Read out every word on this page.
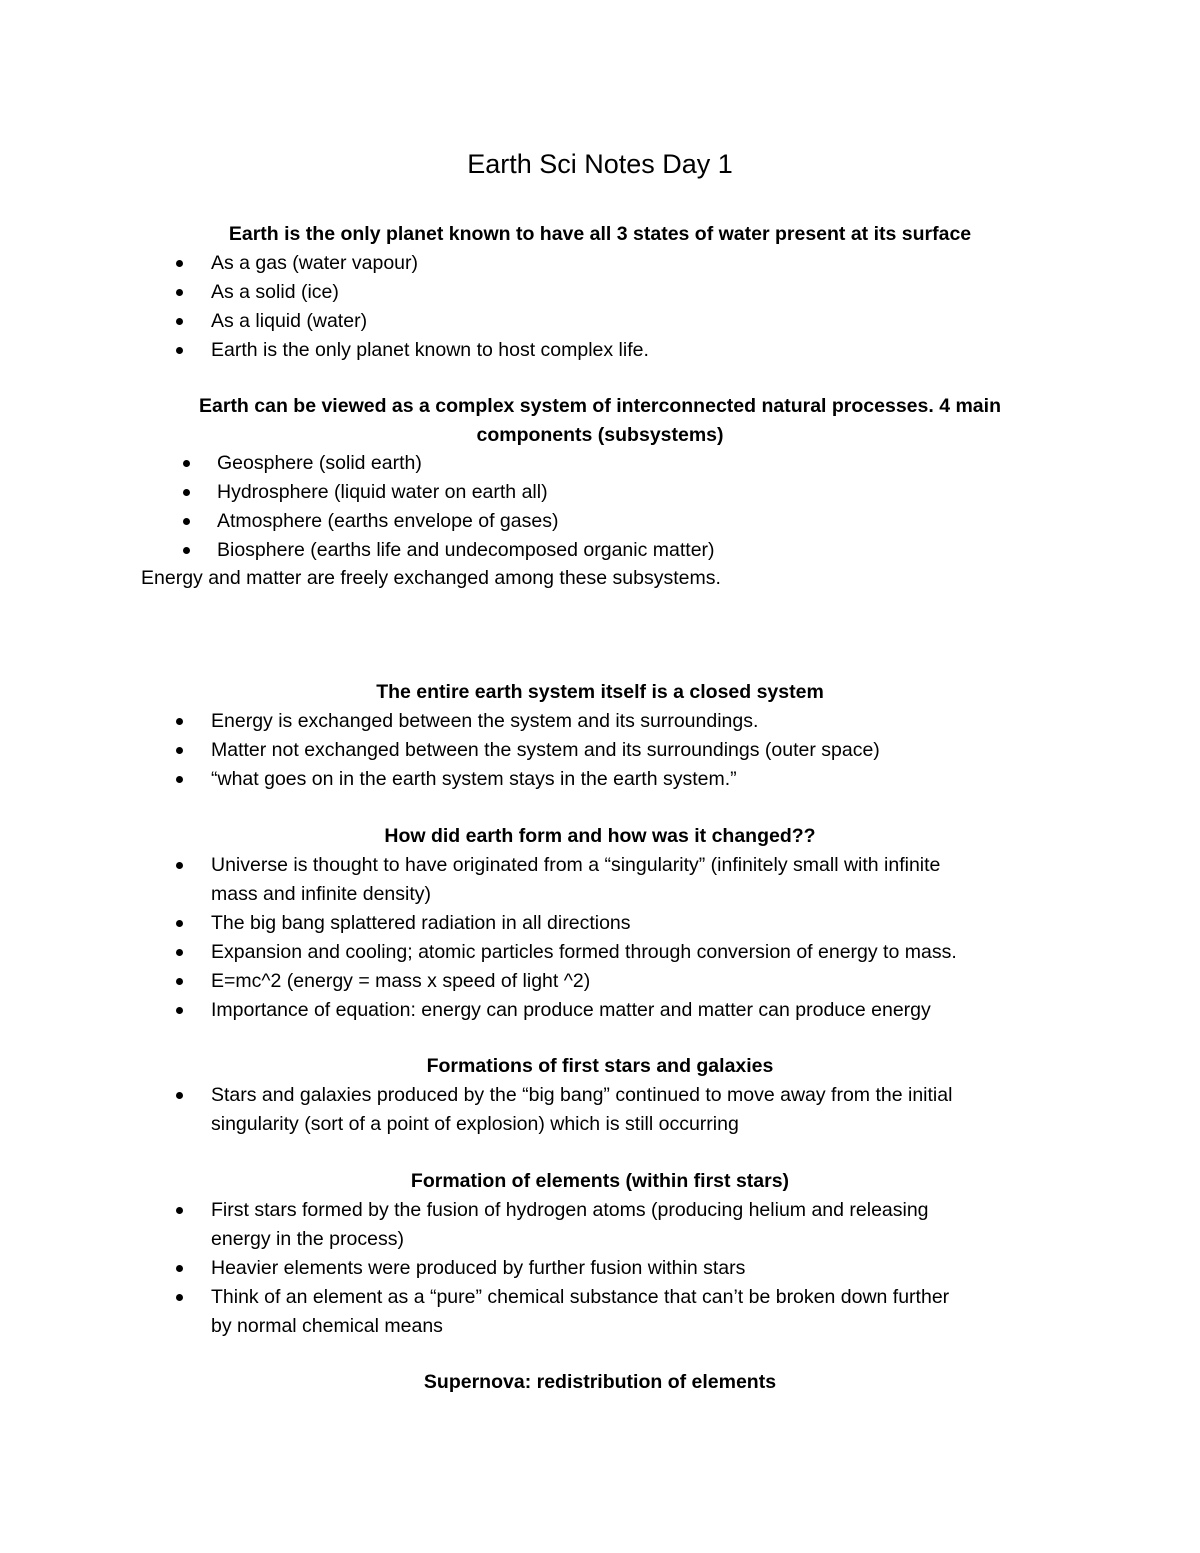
Earth Sci Notes Day 1
Earth is the only planet known to have all 3 states of water present at its surface
As a gas (water vapour)
As a solid (ice)
As a liquid (water)
Earth is the only planet known to host complex life.
Earth can be viewed as a complex system of interconnected natural processes. 4 main components (subsystems)
Geosphere (solid earth)
Hydrosphere (liquid water on earth all)
Atmosphere (earths envelope of gases)
Biosphere (earths life and undecomposed organic matter)
Energy and matter are freely exchanged among these subsystems.
The entire earth system itself is a closed system
Energy is exchanged between the system and its surroundings.
Matter not exchanged between the system and its surroundings (outer space)
“what goes on in the earth system stays in the earth system.”
How did earth form and how was it changed??
Universe is thought to have originated from a “singularity” (infinitely small with infinite
mass and infinite density)
The big bang splattered radiation in all directions
Expansion and cooling; atomic particles formed through conversion of energy to mass.
E=mc^2 (energy = mass x speed of light ^2)
Importance of equation: energy can produce matter and matter can produce energy
Formations of first stars and galaxies
Stars and galaxies produced by the “big bang” continued to move away from the initial
singularity (sort of a point of explosion) which is still occurring
Formation of elements (within first stars)
First stars formed by the fusion of hydrogen atoms (producing helium and releasing
energy in the process)
Heavier elements were produced by further fusion within stars
Think of an element as a “pure” chemical substance that can’t be broken down further
by normal chemical means
Supernova: redistribution of elements
